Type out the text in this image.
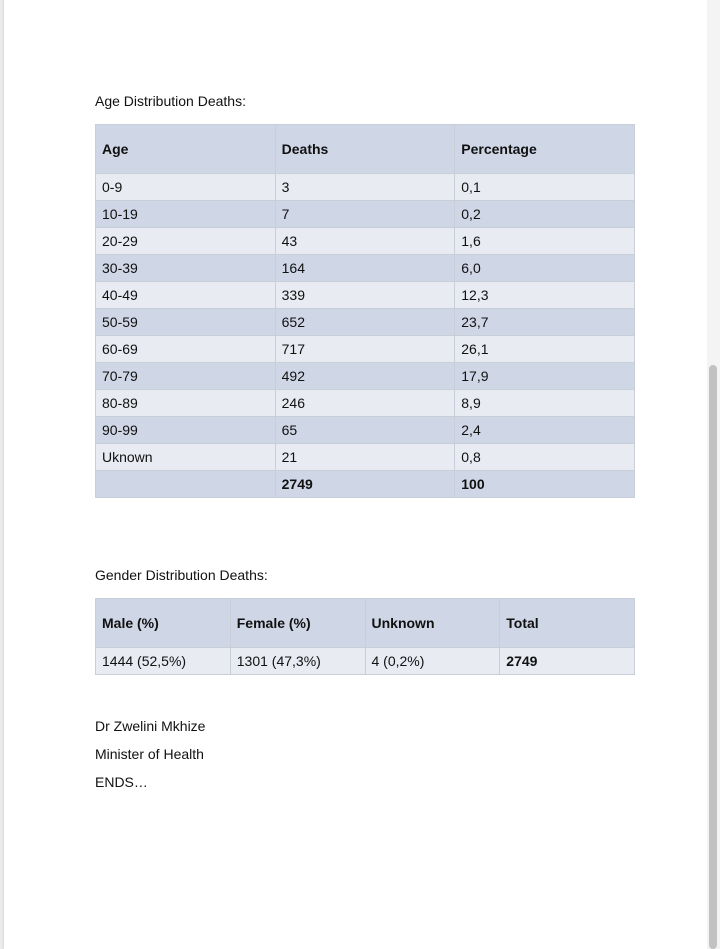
Age Distribution Deaths:
Age	Deaths	Percentage
0-9	3	0,1
10-19	7	0,2
20-29	43	1,6
30-39	164	6,0
40-49	339	12,3
50-59	652	23,7
60-69	717	26,1
70-79	492	17,9
80-89	246	8,9
90-99	65	2,4
Uknown	21	0,8
	2749	100
Gender Distribution Deaths:
Male (%)	Female (%)	Unknown	Total
1444 (52,5%)	1301 (47,3%)	4 (0,2%)	2749
Dr Zwelini Mkhize
Minister of Health
ENDS…
